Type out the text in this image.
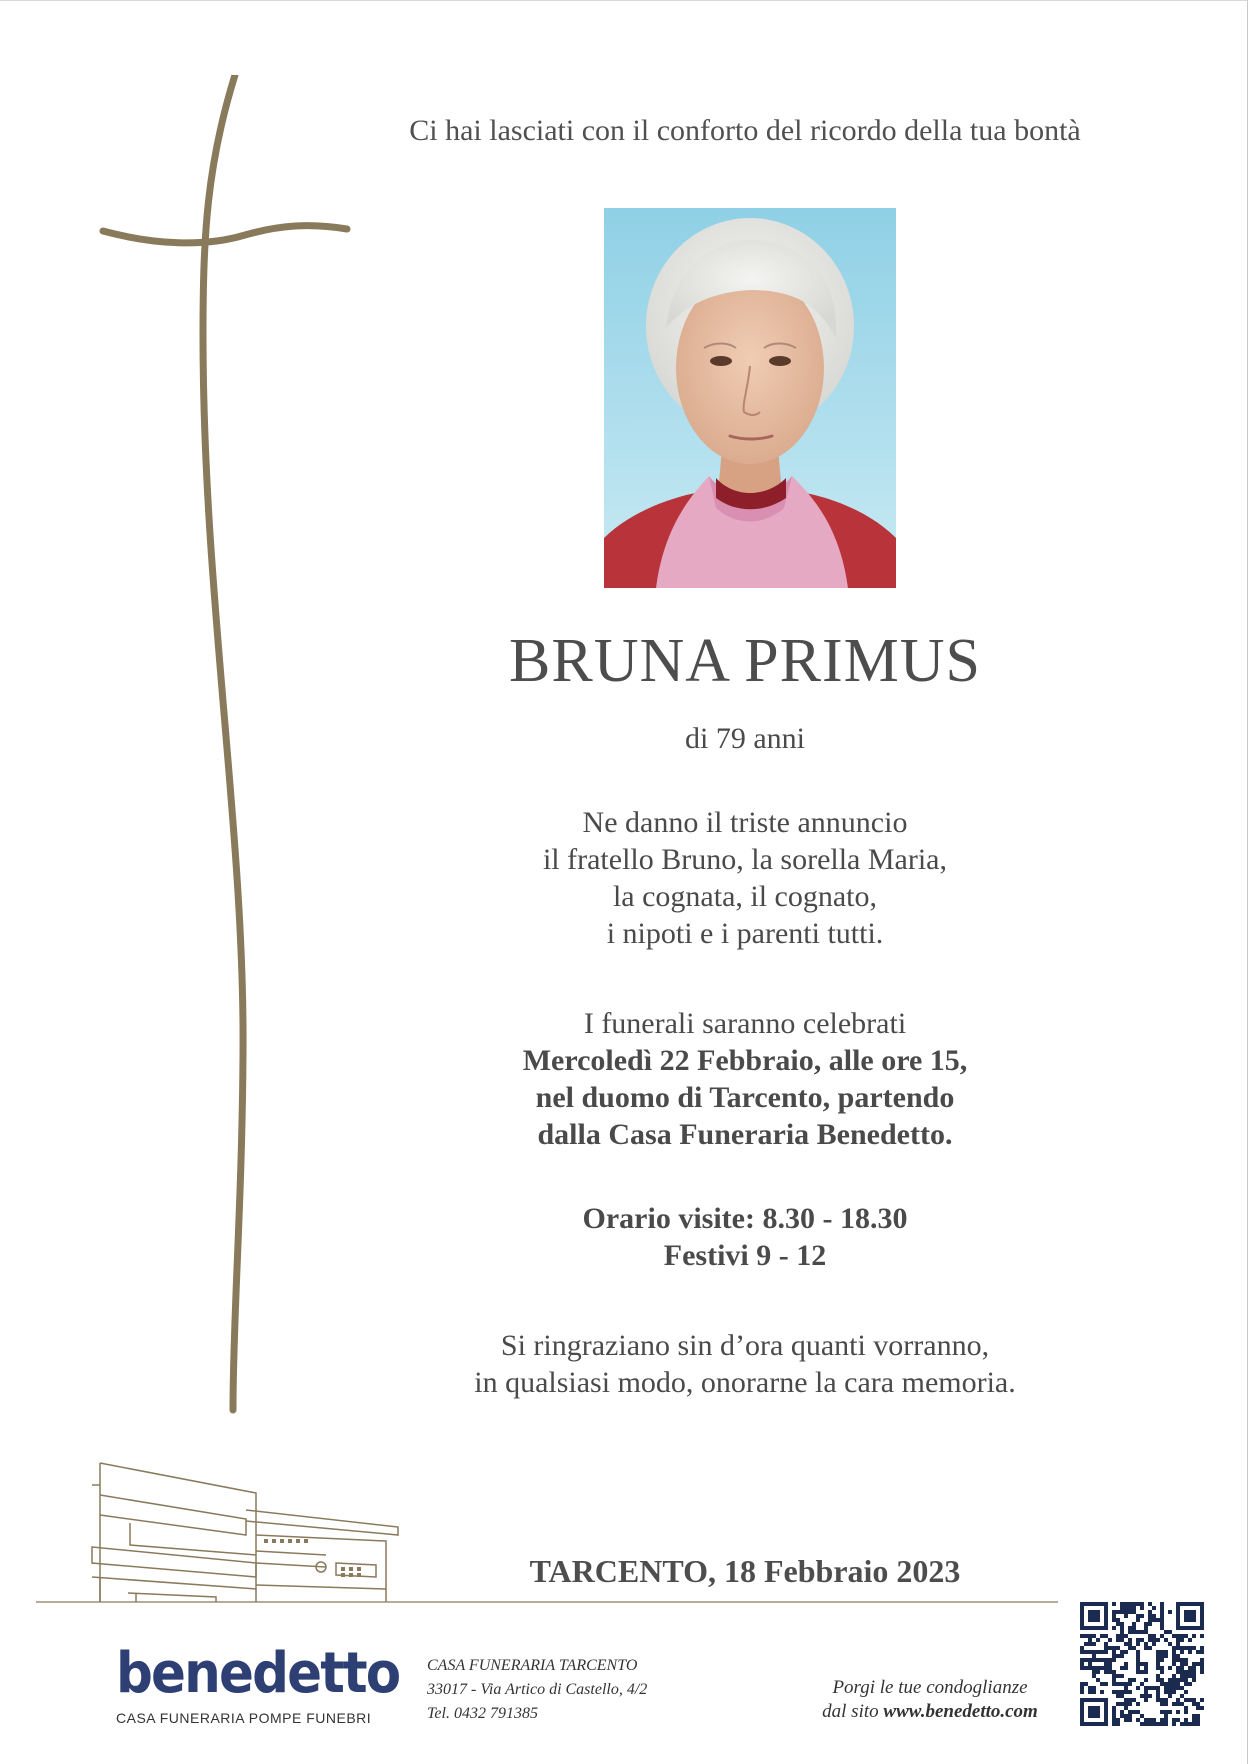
Ci hai lasciati con il conforto del ricordo della tua bontà
BRUNA PRIMUS
di 79 anni
Ne danno il triste annuncio
il fratello Bruno, la sorella Maria,
la cognata, il cognato,
i nipoti e i parenti tutti.
I funerali saranno celebrati
Mercoledì 22 Febbraio, alle ore 15,
nel duomo di Tarcento, partendo
dalla Casa Funeraria Benedetto.
Orario visite: 8.30 - 18.30
Festivi 9 - 12
Si ringraziano sin d’ora quanti vorranno,
in qualsiasi modo, onorarne la cara memoria.
TARCENTO, 18 Febbraio 2023
benedetto
CASA FUNERARIA POMPE FUNEBRI
CASA FUNERARIA TARCENTO
33017 - Via Artico di Castello, 4/2
Tel. 0432 791385
Porgi le tue condoglianze
dal sito www.benedetto.com
